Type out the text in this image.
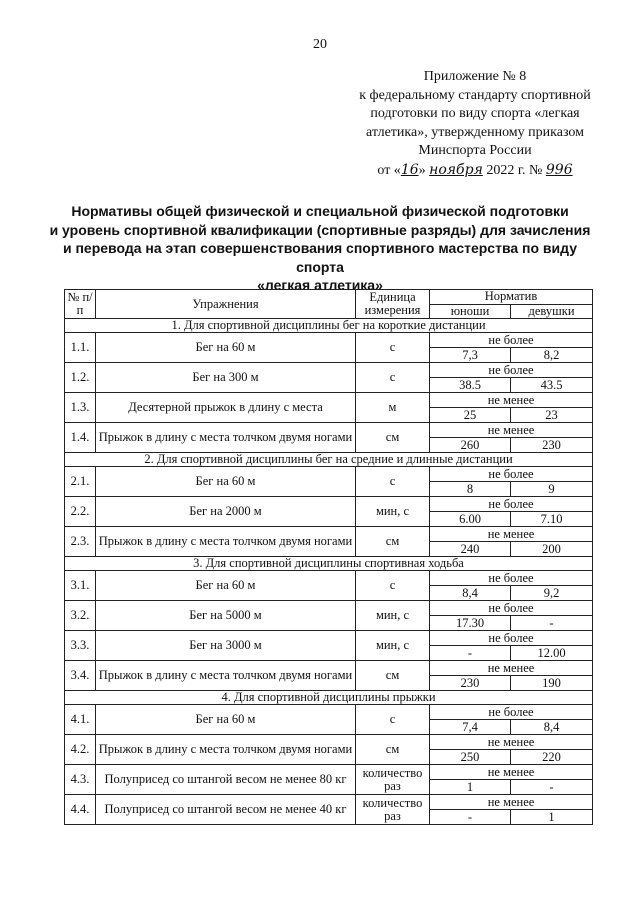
20
Приложение № 8
к федеральному стандарту спортивной
подготовки по виду спорта «легкая
атлетика», утвержденному приказом
Минспорта России
от «16» ноября 2022 г. № 996
Нормативы общей физической и специальной физической подготовки
и уровень спортивной квалификации (спортивные разряды) для зачисления
и перевода на этап совершенствования спортивного мастерства по виду спорта
«легкая атлетика»
№ п/п	Упражнения	Единица измерения	Норматив	
			юноши	девушки
1. Для спортивной дисциплины бег на короткие дистанции				
1.1.	Бег на 60 м	с	не более	
			7,3	8,2
1.2.	Бег на 300 м	с	не более	
			38.5	43.5
1.3.	Десятерной прыжок в длину с места	м	не менее	
			25	23
1.4.	Прыжок в длину с места толчком двумя ногами	см	не менее	
			260	230
2. Для спортивной дисциплины бег на средние и длинные дистанции				
2.1.	Бег на 60 м	с	не более	
			8	9
2.2.	Бег на 2000 м	мин, с	не более	
			6.00	7.10
2.3.	Прыжок в длину с места толчком двумя ногами	см	не менее	
			240	200
3. Для спортивной дисциплины спортивная ходьба				
3.1.	Бег на 60 м	с	не более	
			8,4	9,2
3.2.	Бег на 5000 м	мин, с	не более	
			17.30	-
3.3.	Бег на 3000 м	мин, с	не более	
			-	12.00
3.4.	Прыжок в длину с места толчком двумя ногами	см	не менее	
			230	190
4. Для спортивной дисциплины прыжки				
4.1.	Бег на 60 м	с	не более	
			7,4	8,4
4.2.	Прыжок в длину с места толчком двумя ногами	см	не менее	
			250	220
4.3.	Полуприсед со штангой весом не менее 80 кг	количество раз	не менее	
			1	-
4.4.	Полуприсед со штангой весом не менее 40 кг	количество раз	не менее	
			-	1
